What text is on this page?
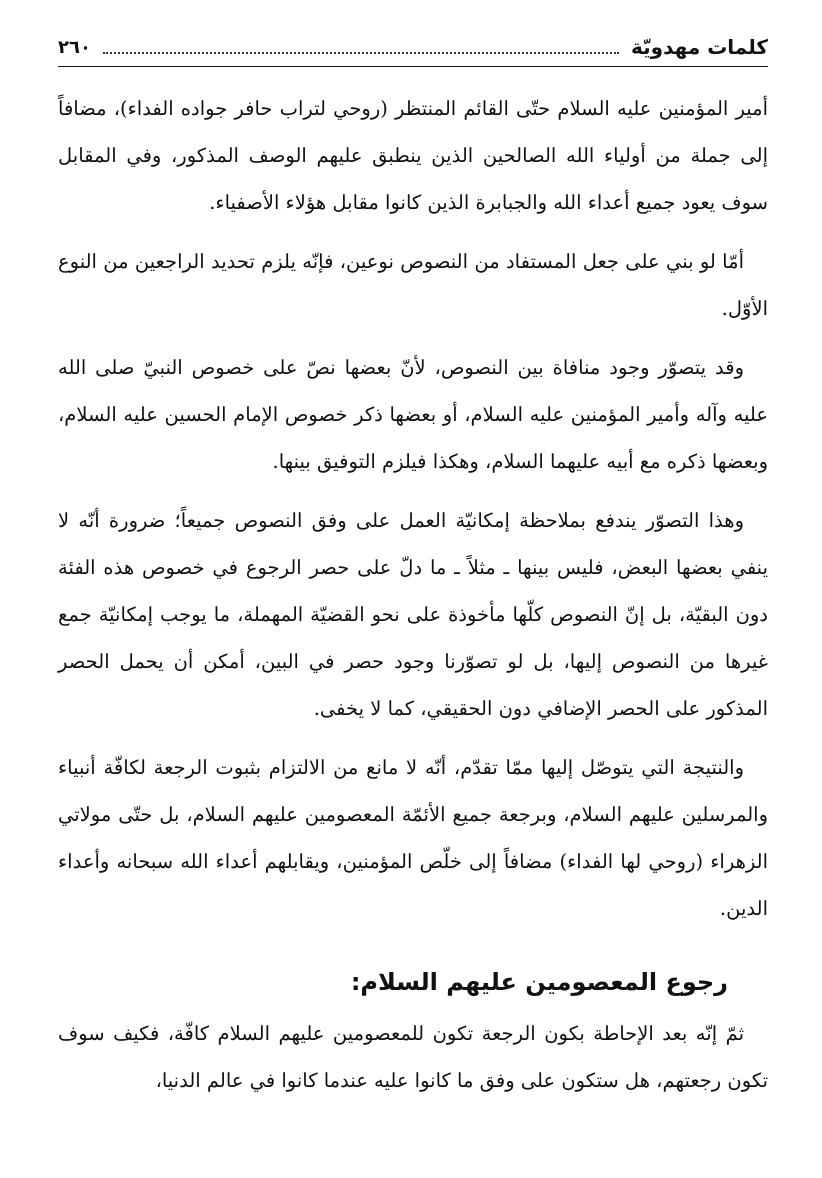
كلمات مهدويّة
٢٦٠

أمير المؤمنين عليه السلام حتّى القائم المنتظر (روحي لتراب حافر جواده الفداء)، مضافاً إلى جملة من أولياء الله الصالحين الذين ينطبق عليهم الوصف المذكور، وفي المقابل سوف يعود جميع أعداء الله والجبابرة الذين كانوا مقابل هؤلاء الأصفياء.

أمّا لو بني على جعل المستفاد من النصوص نوعين، فإنّه يلزم تحديد الراجعين من النوع الأوّل.

وقد يتصوّر وجود منافاة بين النصوص، لأنّ بعضها نصّ على خصوص النبيّ صلى الله عليه وآله وأمير المؤمنين عليه السلام، أو بعضها ذكر خصوص الإمام الحسين عليه السلام، وبعضها ذكره مع أبيه عليهما السلام، وهكذا فيلزم التوفيق بينها.

وهذا التصوّر يندفع بملاحظة إمكانيّة العمل على وفق النصوص جميعاً؛ ضرورة أنّه لا ينفي بعضها البعض، فليس بينها ـ مثلاً ـ ما دلّ على حصر الرجوع في خصوص هذه الفئة دون البقيّة، بل إنّ النصوص كلّها مأخوذة على نحو القضيّة المهملة، ما يوجب إمكانيّة جمع غيرها من النصوص إليها، بل لو تصوّرنا وجود حصر في البين، أمكن أن يحمل الحصر المذكور على الحصر الإضافي دون الحقيقي، كما لا يخفى.

والنتيجة التي يتوصّل إليها ممّا تقدّم، أنّه لا مانع من الالتزام بثبوت الرجعة لكافّة أنبياء والمرسلين عليهم السلام، وبرجعة جميع الأئمّة المعصومين عليهم السلام، بل حتّى مولاتي الزهراء (روحي لها الفداء) مضافاً إلى خلّص المؤمنين، ويقابلهم أعداء الله سبحانه وأعداء الدين.

رجوع المعصومين عليهم السلام:

ثمّ إنّه بعد الإحاطة بكون الرجعة تكون للمعصومين عليهم السلام كافّة، فكيف سوف تكون رجعتهم، هل ستكون على وفق ما كانوا عليه عندما كانوا في عالم الدنيا،
